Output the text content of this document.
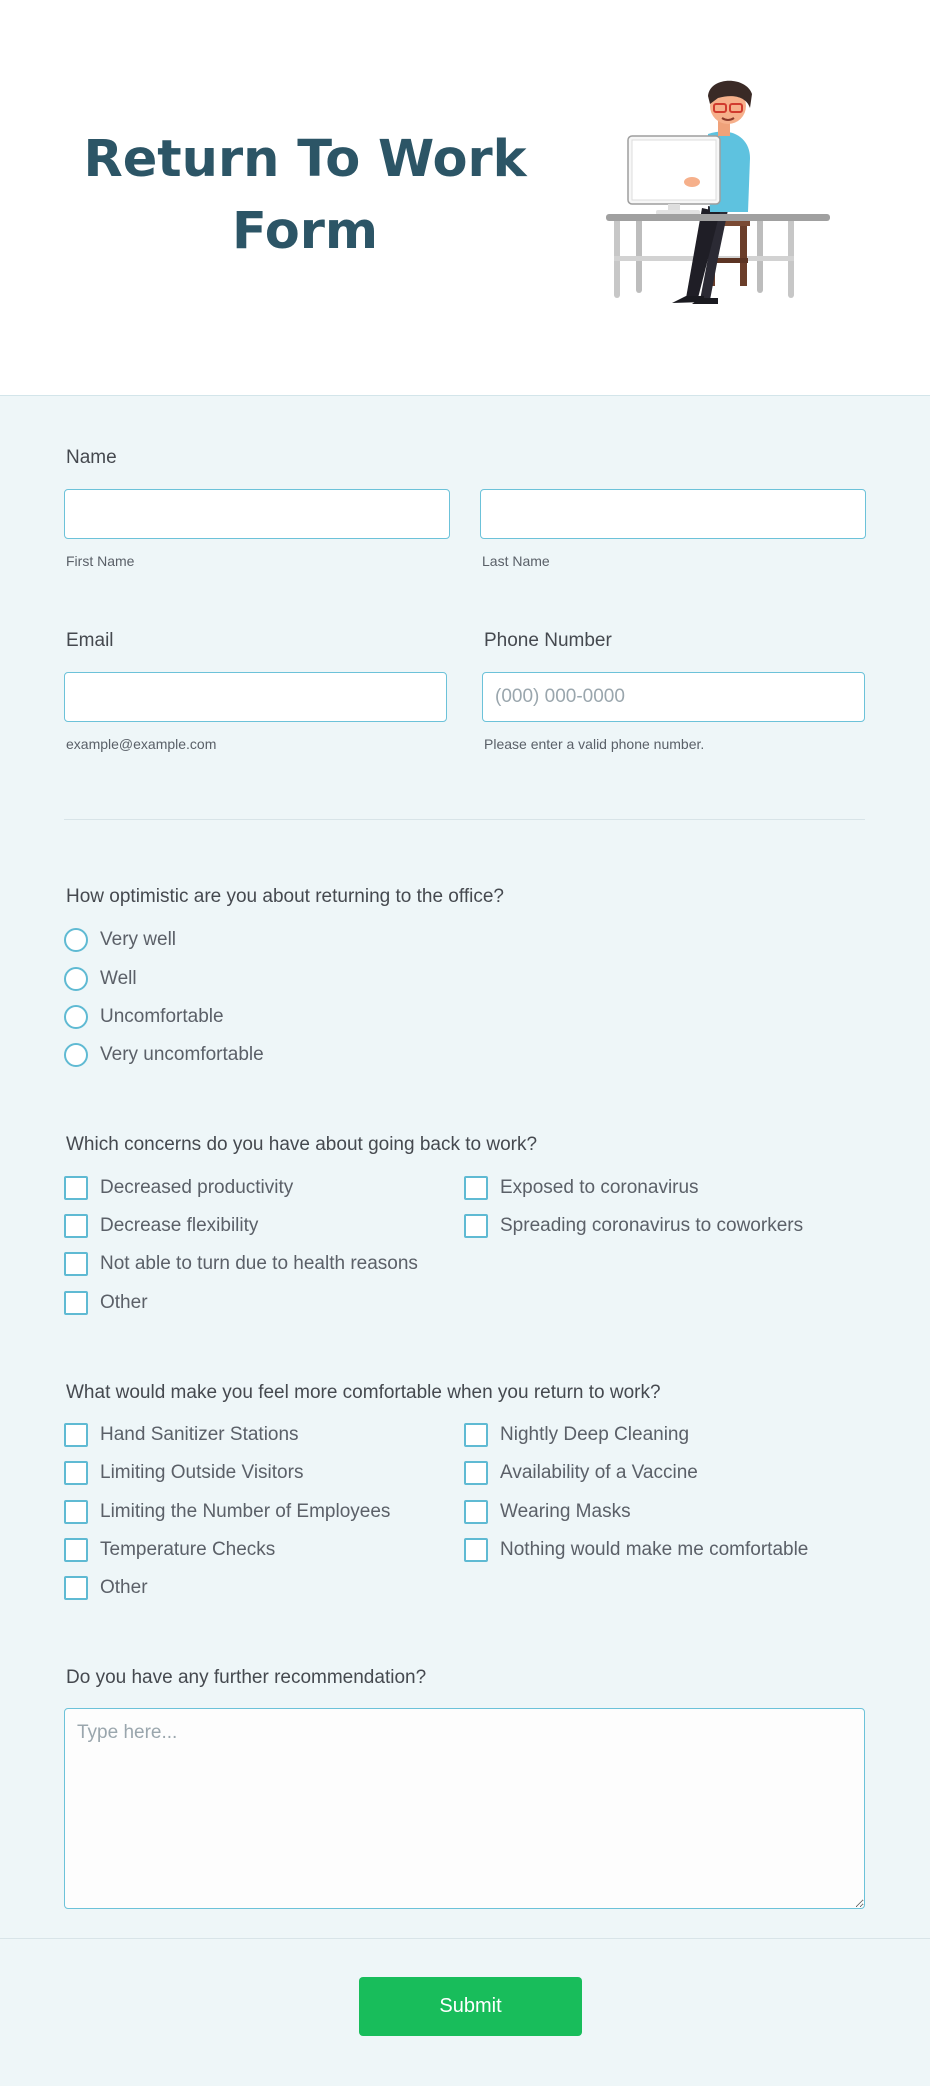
Return To Work
Form
Name
First Name	Last Name
Email
example@example.com
Phone Number
(000) 000-0000
Please enter a valid phone number.
How optimistic are you about returning to the office?
Very well
Well
Uncomfortable
Very uncomfortable
Which concerns do you have about going back to work?
Decreased productivity	Exposed to coronavirus
Decrease flexibility	Spreading coronavirus to coworkers
Not able to turn due to health reasons
Other
What would make you feel more comfortable when you return to work?
Hand Sanitizer Stations	Nightly Deep Cleaning
Limiting Outside Visitors	Availability of a Vaccine
Limiting the Number of Employees	Wearing Masks
Temperature Checks	Nothing would make me comfortable
Other
Do you have any further recommendation?
Type here...
Submit
